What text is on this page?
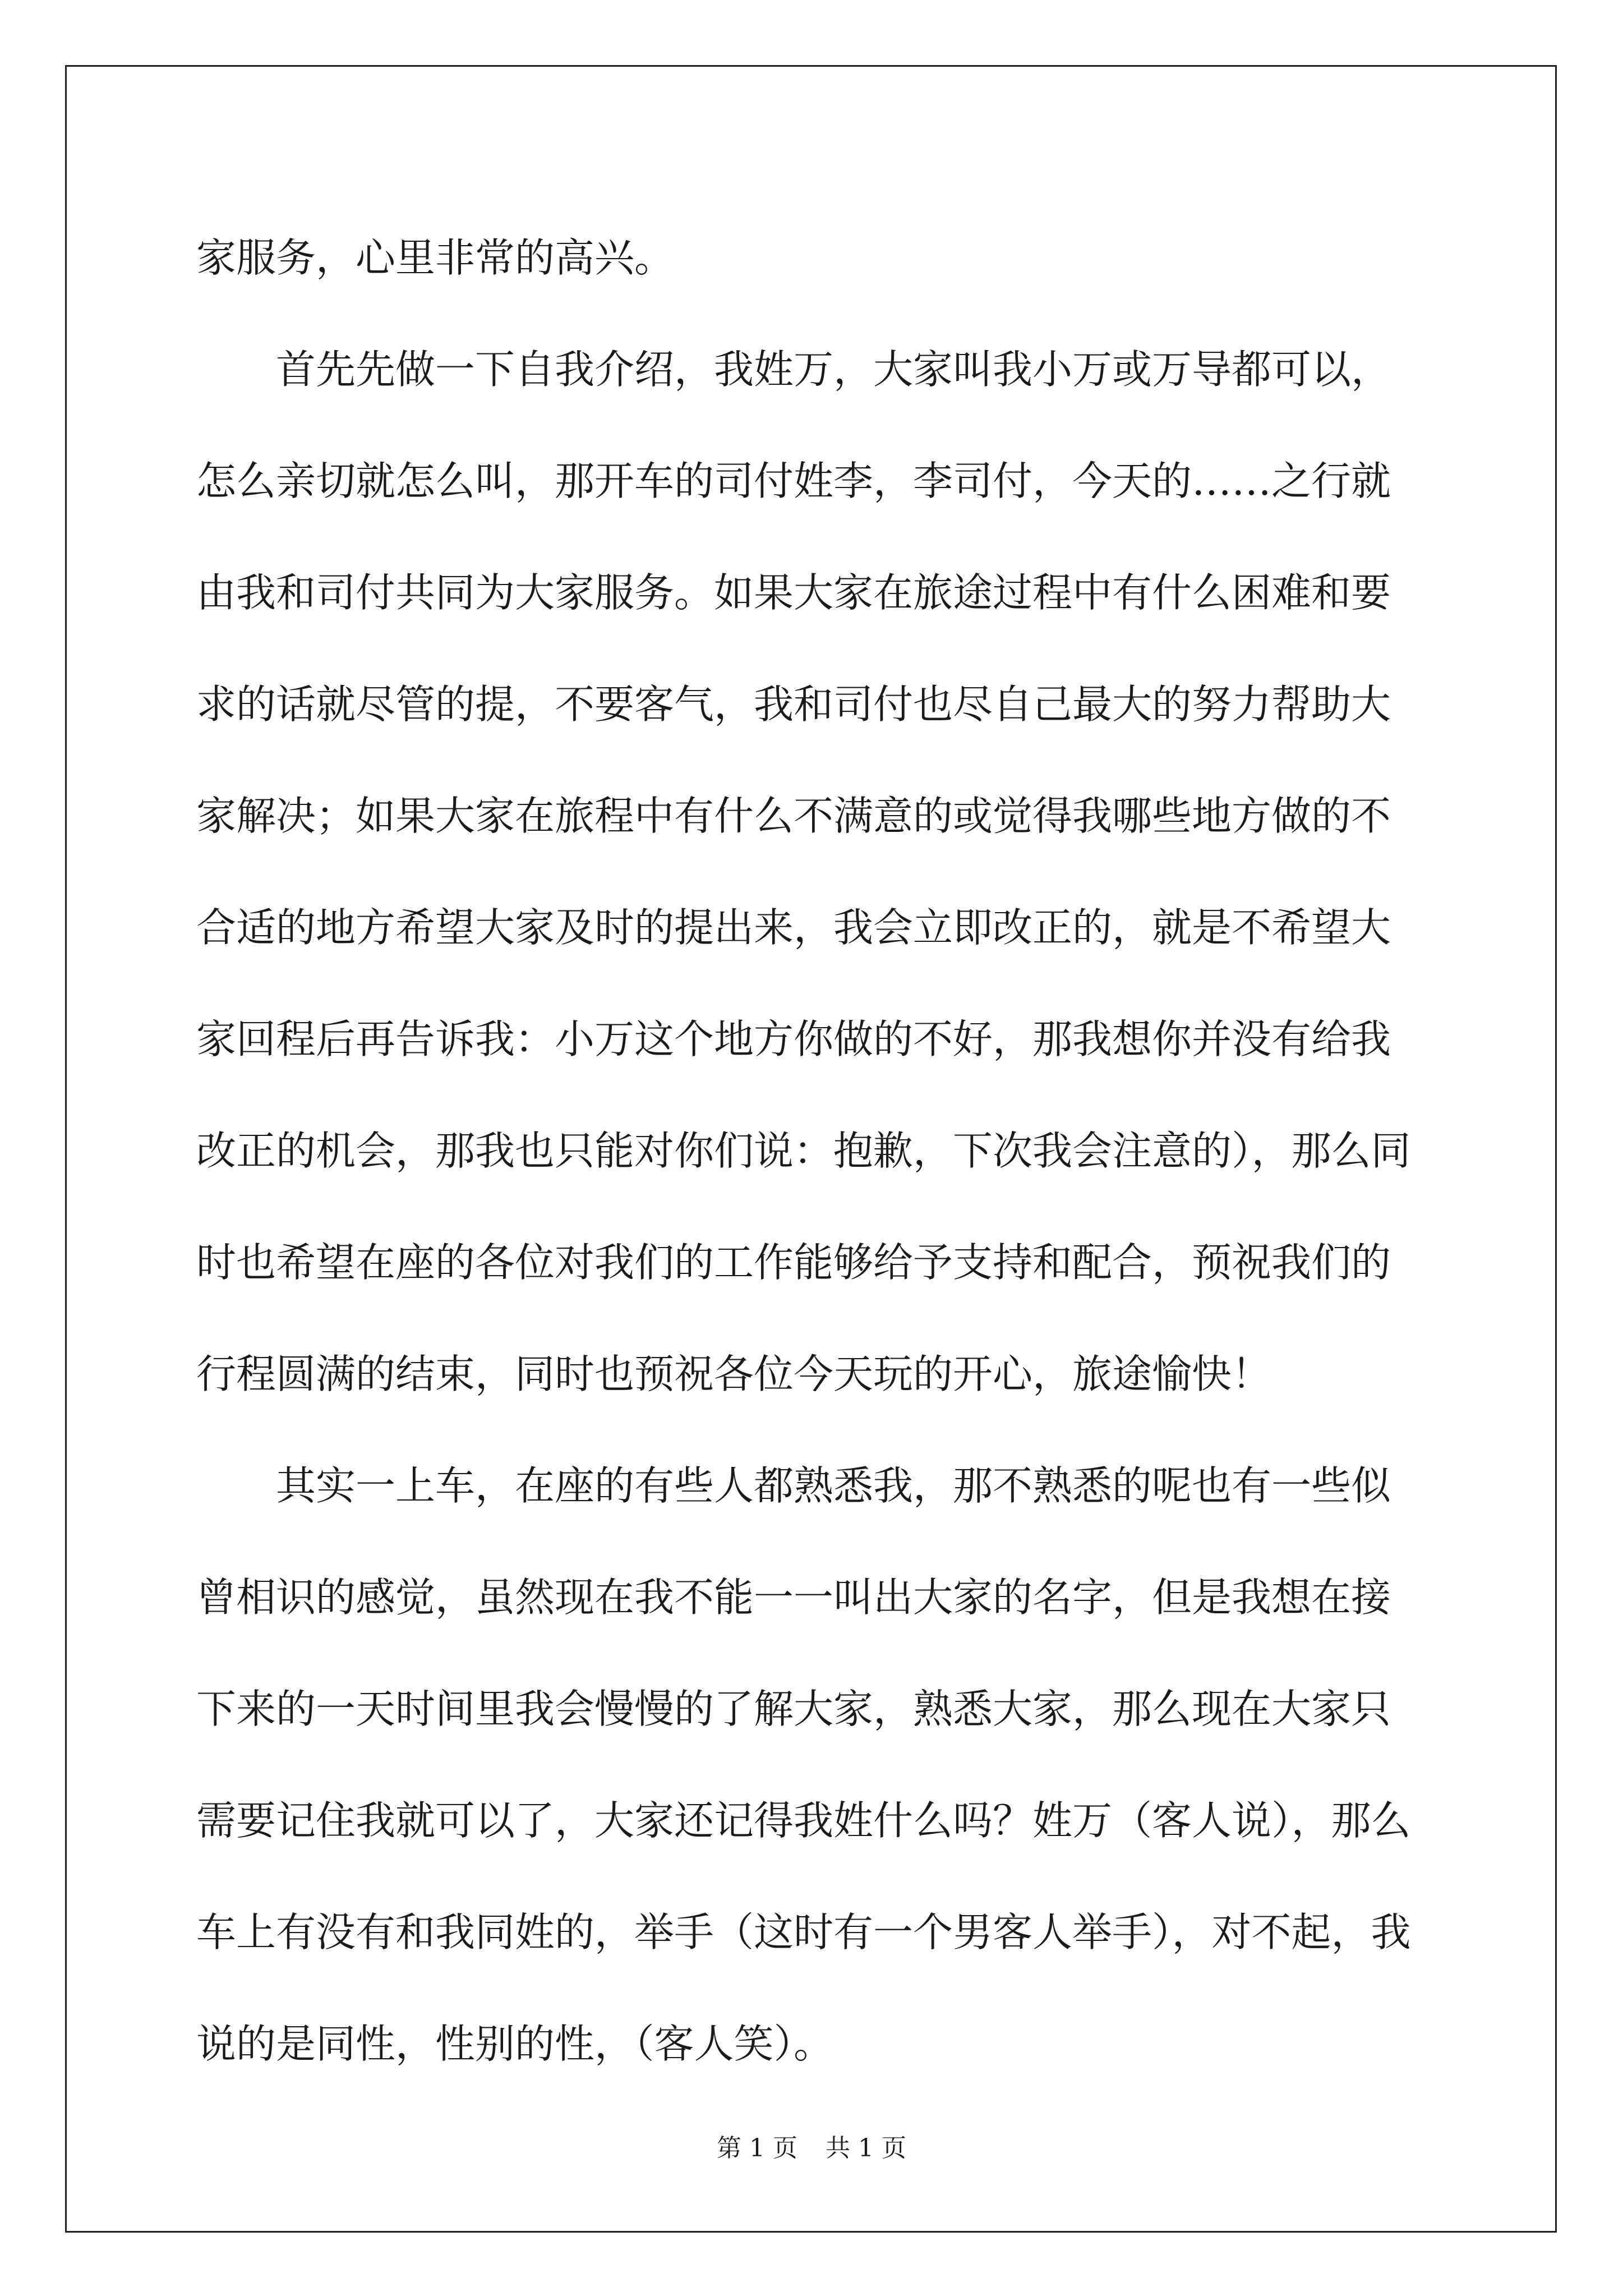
家服务，心里非常的高兴。
首先先做一下自我介绍，我姓万，大家叫我小万或万导都可以，
怎么亲切就怎么叫，那开车的司付姓李，李司付，今天的……之行就
由我和司付共同为大家服务。如果大家在旅途过程中有什么困难和要
求的话就尽管的提，不要客气，我和司付也尽自己最大的努力帮助大
家解决；如果大家在旅程中有什么不满意的或觉得我哪些地方做的不
合适的地方希望大家及时的提出来，我会立即改正的，就是不希望大
家回程后再告诉我：小万这个地方你做的不好，那我想你并没有给我
改正的机会，那我也只能对你们说：抱歉，下次我会注意的），那么同
时也希望在座的各位对我们的工作能够给予支持和配合，预祝我们的
行程圆满的结束，同时也预祝各位今天玩的开心，旅途愉快！
其实一上车，在座的有些人都熟悉我，那不熟悉的呢也有一些似
曾相识的感觉，虽然现在我不能一一叫出大家的名字，但是我想在接
下来的一天时间里我会慢慢的了解大家，熟悉大家，那么现在大家只
需要记住我就可以了，大家还记得我姓什么吗？姓万（客人说），那么
车上有没有和我同姓的，举手（这时有一个男客人举手），对不起，我
说的是同性，性别的性，（客人笑）。
第 1 页 共 1 页
